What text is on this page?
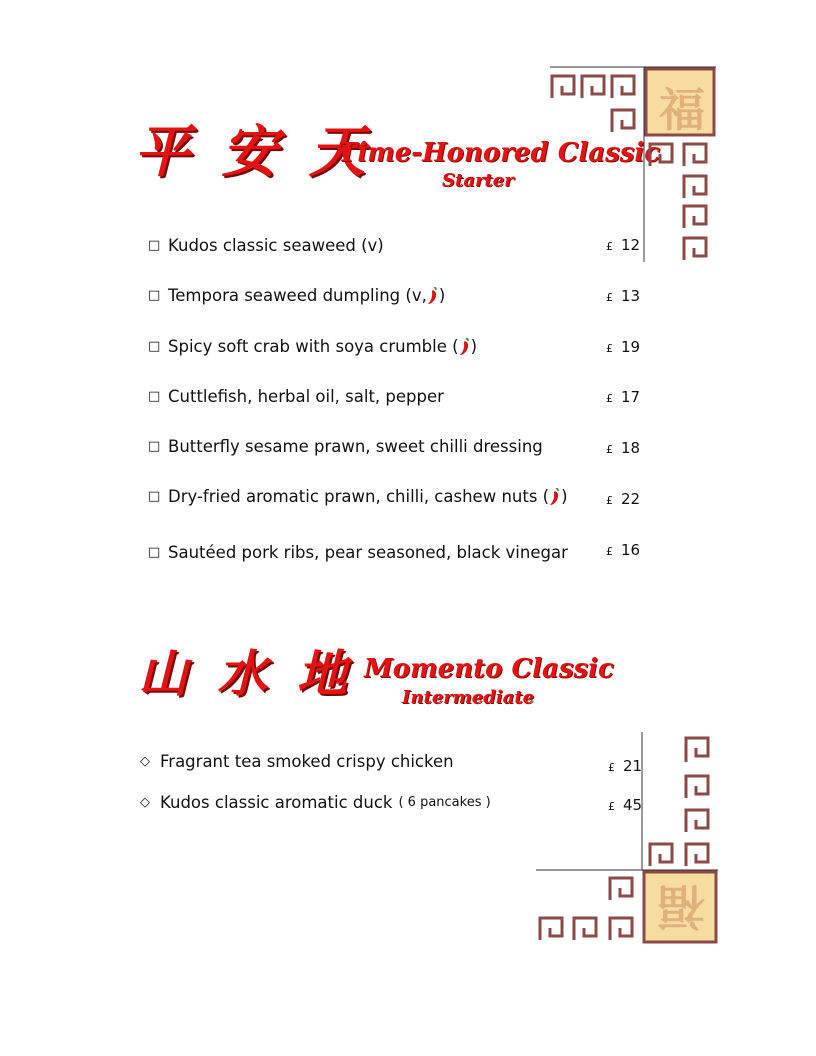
平 安 天
Time-Honored Classic
Starter
福
□ Kudos classic seaweed (v)	£ 12
□ Tempora seaweed dumpling (v, )	£ 13
□ Spicy soft crab with soya crumble ( )	£ 19
□ Cuttlefish, herbal oil, salt, pepper	£ 17
□ Butterfly sesame prawn, sweet chilli dressing	£ 18
□ Dry-fried aromatic prawn, chilli, cashew nuts ( )	£ 22
□ Sautéed pork ribs, pear seasoned, black vinegar	£ 16
山 水 地 Momento Classic
Intermediate
福
◇ Fragrant tea smoked crispy chicken	£ 21
◇ Kudos classic aromatic duck ( 6 pancakes )	£ 45
